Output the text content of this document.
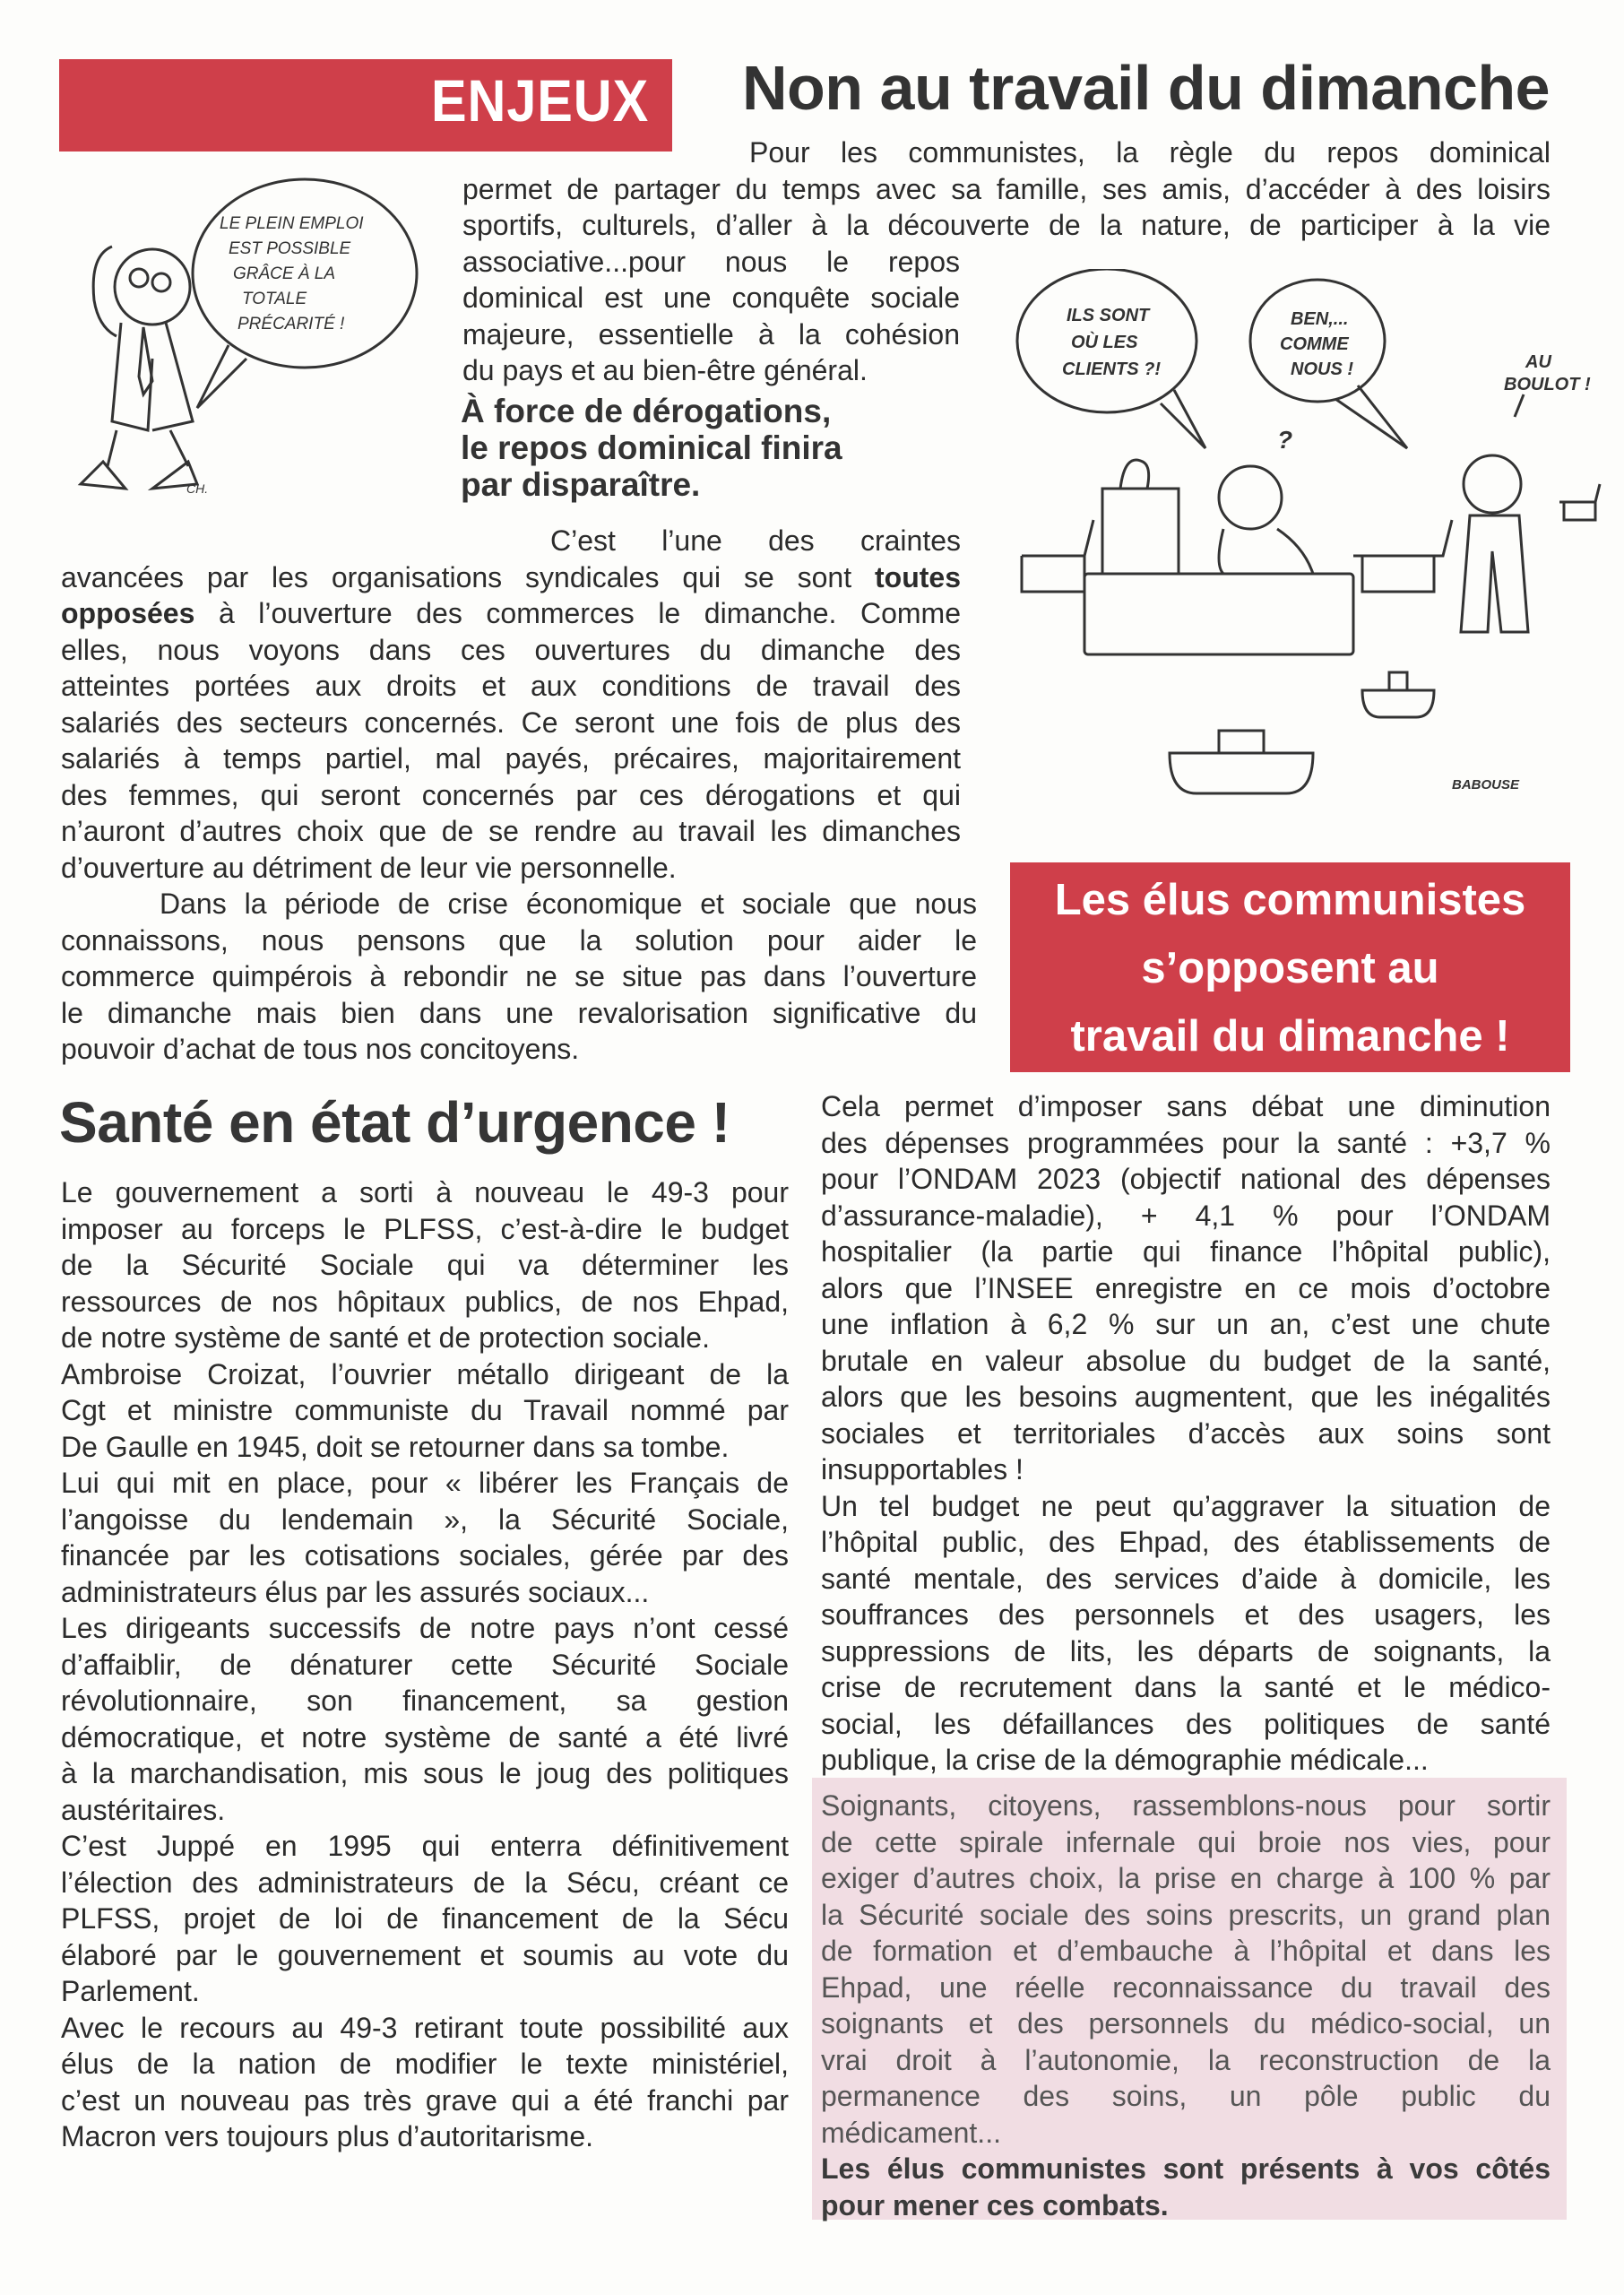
ENJEUX Non au travail du dimanche
LE PLEIN EMPLOI
EST POSSIBLE
GRÂCE À LA
TOTALE
PRÉCARITÉ !
CH.
Pour les communistes, la règle du repos dominical
permet de partager du temps avec sa famille, ses amis, d’accéder à des loisirs
sportifs, culturels, d’aller à la découverte de la nature, de participer à la vie
associative...pour nous le repos
dominical est une conquête sociale
majeure, essentielle à la cohésion
du pays et au bien-être général.
À force de dérogations,
le repos dominical finira
par disparaître.
C’est l’une des craintes
avancées par les organisations syndicales qui se sont toutes
opposées à l’ouverture des commerces le dimanche. Comme
elles, nous voyons dans ces ouvertures du dimanche des
atteintes portées aux droits et aux conditions de travail des
salariés des secteurs concernés. Ce seront une fois de plus des
salariés à temps partiel, mal payés, précaires, majoritairement
des femmes, qui seront concernés par ces dérogations et qui
n’auront d’autres choix que de se rendre au travail les dimanches
d’ouverture au détriment de leur vie personnelle.
Dans la période de crise économique et sociale que nous
connaissons, nous pensons que la solution pour aider le
commerce quimpérois à rebondir ne se situe pas dans l’ouverture
le dimanche mais bien dans une revalorisation significative du
pouvoir d’achat de tous nos concitoyens.
ILS SONT
OÙ LES
CLIENTS ?!
BEN,...
COMME
NOUS !	AU
BOULOT !
?
BABOUSE
Les élus communistes
s’opposent au
travail du dimanche !
Santé en état d’urgence !
Le gouvernement a sorti à nouveau le 49-3 pour
imposer au forceps le PLFSS, c’est-à-dire le budget
de la Sécurité Sociale qui va déterminer les
ressources de nos hôpitaux publics, de nos Ehpad,
de notre système de santé et de protection sociale.
Ambroise Croizat, l’ouvrier métallo dirigeant de la
Cgt et ministre communiste du Travail nommé par
De Gaulle en 1945, doit se retourner dans sa tombe.
Lui qui mit en place, pour « libérer les Français de
l’angoisse du lendemain », la Sécurité Sociale,
financée par les cotisations sociales, gérée par des
administrateurs élus par les assurés sociaux...
Les dirigeants successifs de notre pays n’ont cessé
d’affaiblir, de dénaturer cette Sécurité Sociale
révolutionnaire, son financement, sa gestion
démocratique, et notre système de santé a été livré
à la marchandisation, mis sous le joug des politiques
austéritaires.
C’est Juppé en 1995 qui enterra définitivement
l’élection des administrateurs de la Sécu, créant ce
PLFSS, projet de loi de financement de la Sécu
élaboré par le gouvernement et soumis au vote du
Parlement.
Avec le recours au 49-3 retirant toute possibilité aux
élus de la nation de modifier le texte ministériel,
c’est un nouveau pas très grave qui a été franchi par
Macron vers toujours plus d’autoritarisme.
Cela permet d’imposer sans débat une diminution
des dépenses programmées pour la santé : +3,7 %
pour l’ONDAM 2023 (objectif national des dépenses
d’assurance-maladie), + 4,1 % pour l’ONDAM
hospitalier (la partie qui finance l’hôpital public),
alors que l’INSEE enregistre en ce mois d’octobre
une inflation à 6,2 % sur un an, c’est une chute
brutale en valeur absolue du budget de la santé,
alors que les besoins augmentent, que les inégalités
sociales et territoriales d’accès aux soins sont
insupportables !
Un tel budget ne peut qu’aggraver la situation de
l’hôpital public, des Ehpad, des établissements de
santé mentale, des services d’aide à domicile, les
souffrances des personnels et des usagers, les
suppressions de lits, les départs de soignants, la
crise de recrutement dans la santé et le médico-
social, les défaillances des politiques de santé
publique, la crise de la démographie médicale...
Soignants, citoyens, rassemblons-nous pour sortir
de cette spirale infernale qui broie nos vies, pour
exiger d’autres choix, la prise en charge à 100 % par
la Sécurité sociale des soins prescrits, un grand plan
de formation et d’embauche à l’hôpital et dans les
Ehpad, une réelle reconnaissance du travail des
soignants et des personnels du médico-social, un
vrai droit à l’autonomie, la reconstruction de la
permanence des soins, un pôle public du
médicament...
Les élus communistes sont présents à vos côtés
pour mener ces combats.
